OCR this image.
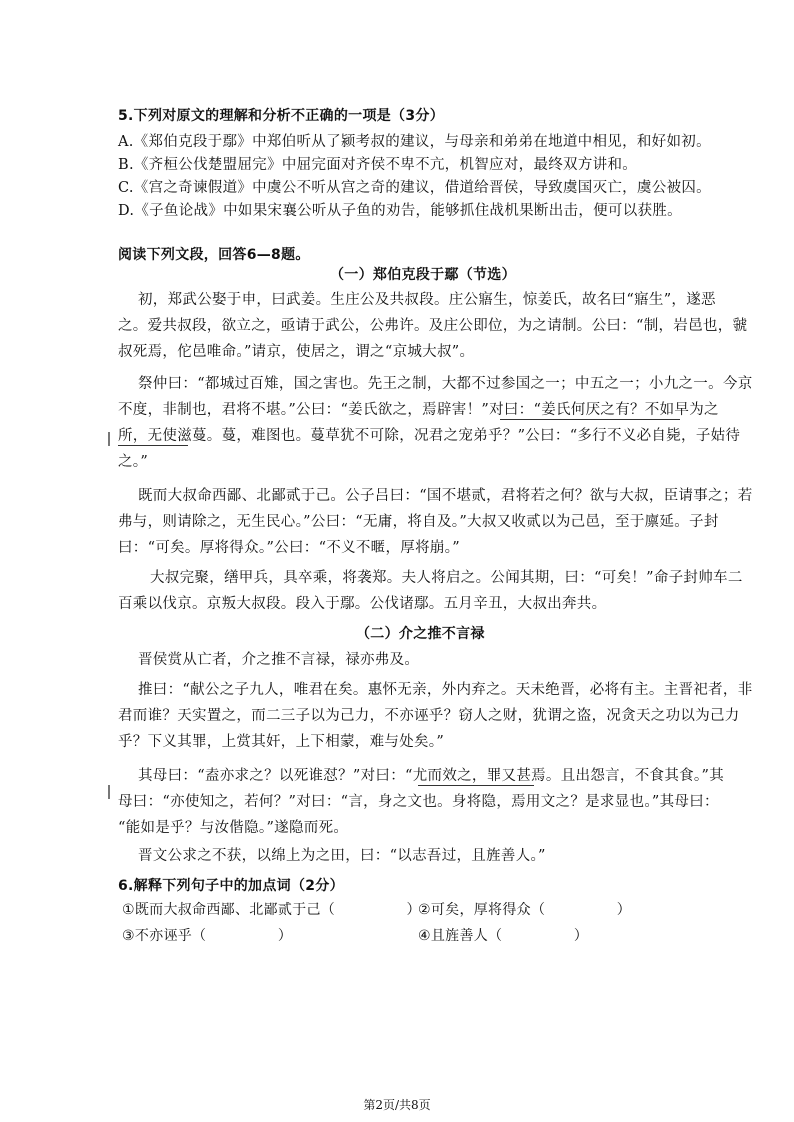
5.下列对原文的理解和分析不正确的一项是（3分）
A.《郑伯克段于鄢》中郑伯听从了颍考叔的建议，与母亲和弟弟在地道中相见，和好如初。
B.《齐桓公伐楚盟屈完》中屈完面对齐侯不卑不亢，机智应对，最终双方讲和。
C.《宫之奇谏假道》中虞公不听从宫之奇的建议，借道给晋侯，导致虞国灭亡，虞公被囚。
D.《子鱼论战》中如果宋襄公听从子鱼的劝告，能够抓住战机果断出击，便可以获胜。
阅读下列文段，回答6—8题。
（一）郑伯克段于鄢（节选）
初，郑武公娶于申，曰武姜。生庄公及共叔段。庄公寤生，惊姜氏，故名曰“寤生”，遂恶
之。爱共叔段，欲立之，亟请于武公，公弗许。及庄公即位，为之请制。公曰：“制，岩邑也，虢
叔死焉，佗邑唯命。”请京，使居之，谓之“京城大叔”。
祭仲曰：“都城过百雉，国之害也。先王之制，大都不过参国之一；中五之一；小九之一。今京
不度，非制也，君将不堪。”公曰：“姜氏欲之，焉辟害！”对曰：“姜氏何厌之有？不如早为之
所，无使滋蔓。蔓，难图也。蔓草犹不可除，况君之宠弟乎？”公曰：“多行不义必自毙，子姑待
之。”
既而大叔命西鄙、北鄙贰于己。公子吕曰：“国不堪贰，君将若之何？欲与大叔，臣请事之；若
弗与，则请除之，无生民心。”公曰：“无庸，将自及。”大叔又收贰以为己邑，至于廪延。子封
曰：“可矣。厚将得众。”公曰：“不义不暱，厚将崩。”
大叔完聚，缮甲兵，具卒乘，将袭郑。夫人将启之。公闻其期，曰：“可矣！”命子封帅车二
百乘以伐京。京叛大叔段。段入于鄢。公伐诸鄢。五月辛丑，大叔出奔共。
（二）介之推不言禄
晋侯赏从亡者，介之推不言禄，禄亦弗及。
推曰：“献公之子九人，唯君在矣。惠怀无亲，外内弃之。天未绝晋，必将有主。主晋祀者，非
君而谁？天实置之，而二三子以为己力，不亦诬乎？窃人之财，犹谓之盗，况贪天之功以为己力
乎？下义其罪，上赏其奸，上下相蒙，难与处矣。”
其母曰：“盍亦求之？以死谁怼？”对曰：“尤而效之，罪又甚焉。且出怨言，不食其食。”其
母曰：“亦使知之，若何？”对曰：“言，身之文也。身将隐，焉用文之？是求显也。”其母曰：
“能如是乎？与汝偕隐。”遂隐而死。
晋文公求之不获，以绵上为之田，曰：“以志吾过，且旌善人。”
6.解释下列句子中的加点词（2分）
①既而大叔命西鄙、北鄙贰于己（　　　　　）
②可矣，厚将得众（　　　　　）
③不亦诬乎（　　　　　）	④且旌善人（　　　　　）
第2页/共8页
